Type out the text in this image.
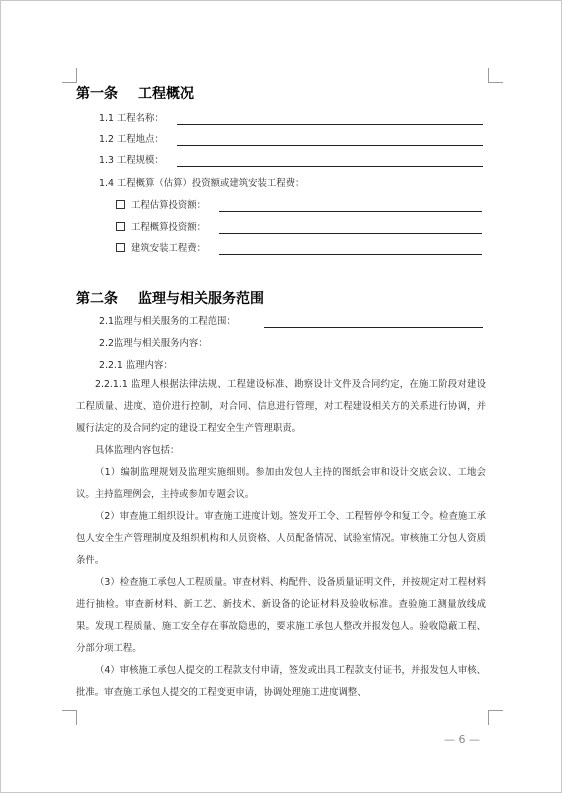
第一条 工程概况
1.1 工程名称：
1.2 工程地点：
1.3 工程规模：
1.4 工程概算（估算）投资额或建筑安装工程费：
工程估算投资额：
工程概算投资额：
建筑安装工程费：
第二条 监理与相关服务范围
2.1监理与相关服务的工程范围：
2.2监理与相关服务内容：
2.2.1 监理内容：
2.2.1.1 监理人根据法律法规、工程建设标准、勘察设计文件及合同约定，在施工阶段对建设工程质量、进度、造价进行控制，对合同、信息进行管理，对工程建设相关方的关系进行协调，并履行法定的及合同约定的建设工程安全生产管理职责。
具体监理内容包括：
（1）编制监理规划及监理实施细则。参加由发包人主持的图纸会审和设计交底会议、工地会议。主持监理例会，主持或参加专题会议。
（2）审查施工组织设计。审查施工进度计划。签发开工令、工程暂停令和复工令。检查施工承包人安全生产管理制度及组织机构和人员资格、人员配备情况、试验室情况。审核施工分包人资质条件。
（3）检查施工承包人工程质量。审查材料、构配件、设备质量证明文件，并按规定对工程材料进行抽检。审查新材料、新工艺、新技术、新设备的论证材料及验收标准。查验施工测量放线成果。发现工程质量、施工安全存在事故隐患的，要求施工承包人整改并报发包人。验收隐蔽工程、分部分项工程。
（4）审核施工承包人提交的工程款支付申请，签发或出具工程款支付证书，并报发包人审核、批准。审查施工承包人提交的工程变更申请，协调处理施工进度调整、
— 6 —
